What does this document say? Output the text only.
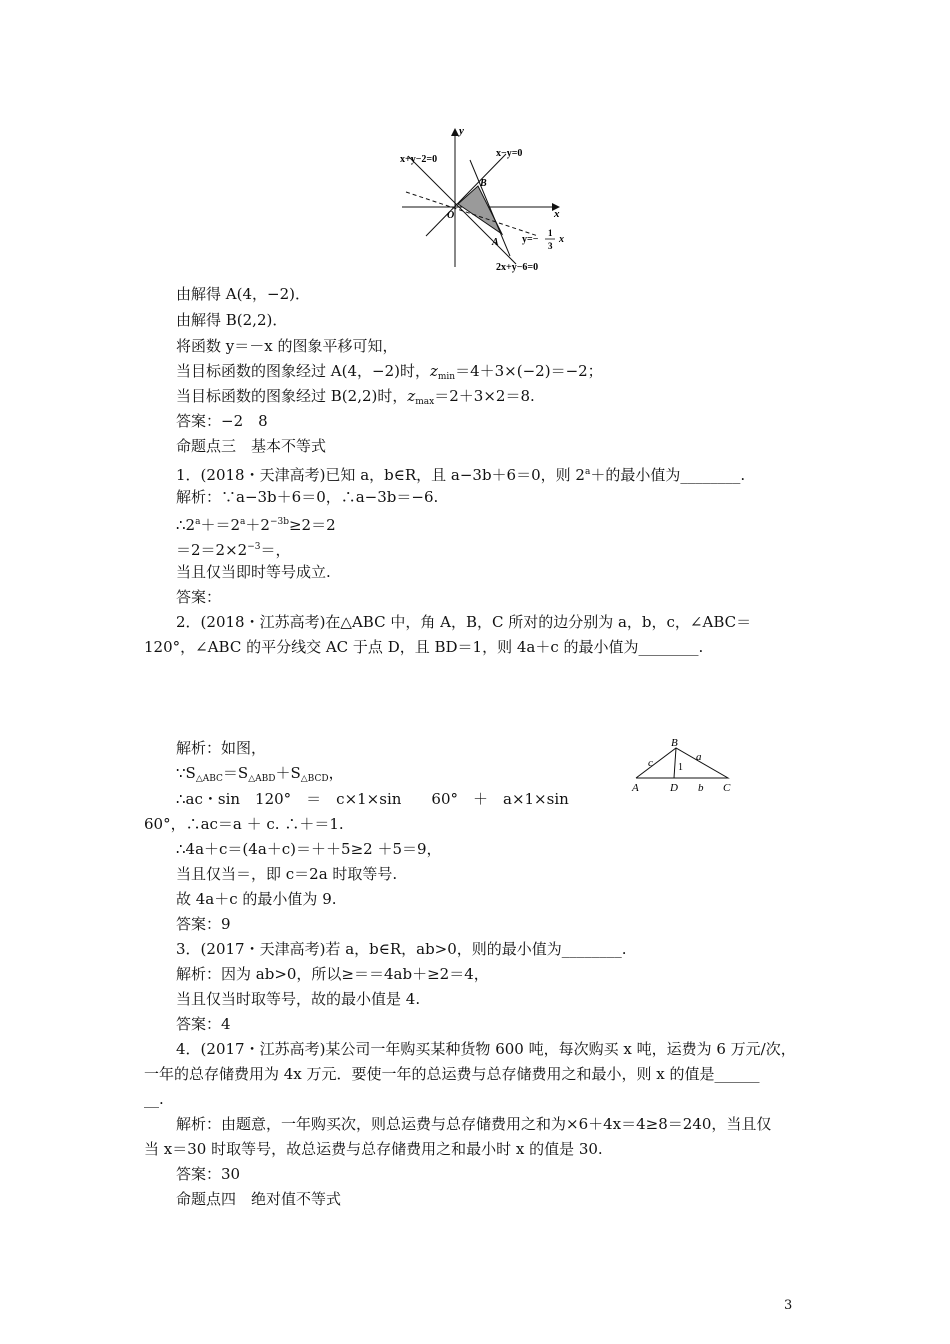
y
x
O
x+y−2=0
x−y=0
2x+y−6=0
A
B
y=−
1
3
x
由解得 A(4，−2)．
由解得 B(2,2)．
将函数 y＝－x 的图象平移可知，
当目标函数的图象经过 A(4，−2)时，$z_{min}=4+3\times(-2)=-2$；
当目标函数的图象经过 B(2,2)时，$z_{max}=2+3\times 2=8$.
答案：−2　8
命题点三　基本不等式
1．(2018・天津高考)已知 a，b∈R，且 a−3b＋6＝0，则 $2^a+$的最小值为________.
解析：∵a−3b＋6＝0，∴a−3b＝−6.
$\therefore 2^a+=2^a+2^{-3b}\ge 2=2$
$=2=2\times 2^{-3}=$，
当且仅当即时等号成立.
答案：
2．(2018・江苏高考)在△ABC 中，角 A，B，C 所对的边分别为 a，b，c，∠ABC＝
120°，∠ABC 的平分线交 AC 于点 D，且 BD＝1，则 4a＋c 的最小值为________.
解析：如图，
$\because S_{\triangle ABC}=S_{\triangle ABD}+S_{\triangle BCD}$，
∴ac・sin　120°　＝　c×1×sin　　60°　＋　a×1×sin
60°，∴ac＝a ＋ c. ∴＋＝1.
∴4a＋c＝(4a＋c)＝＋＋5≥2 ＋5＝9，
当且仅当＝，即 c＝2a 时取等号.
故 4a＋c 的最小值为 9.
答案：9
B
A	D	C
c	a
b
1
3．(2017・天津高考)若 a，b∈R，ab>0，则的最小值为________.
解析：因为 ab>0，所以≥＝＝4ab＋≥2＝4，
当且仅当时取等号，故的最小值是 4.
答案：4
4．(2017・江苏高考)某公司一年购买某种货物 600 吨，每次购买 x 吨，运费为 6 万元/次，
一年的总存储费用为 4x 万元．要使一年的总运费与总存储费用之和最小，则 x 的值是______
__.
解析：由题意，一年购买次，则总运费与总存储费用之和为×6＋4x＝4≥8＝240，当且仅
当 x＝30 时取等号，故总运费与总存储费用之和最小时 x 的值是 30.
答案：30
命题点四　绝对值不等式
3
